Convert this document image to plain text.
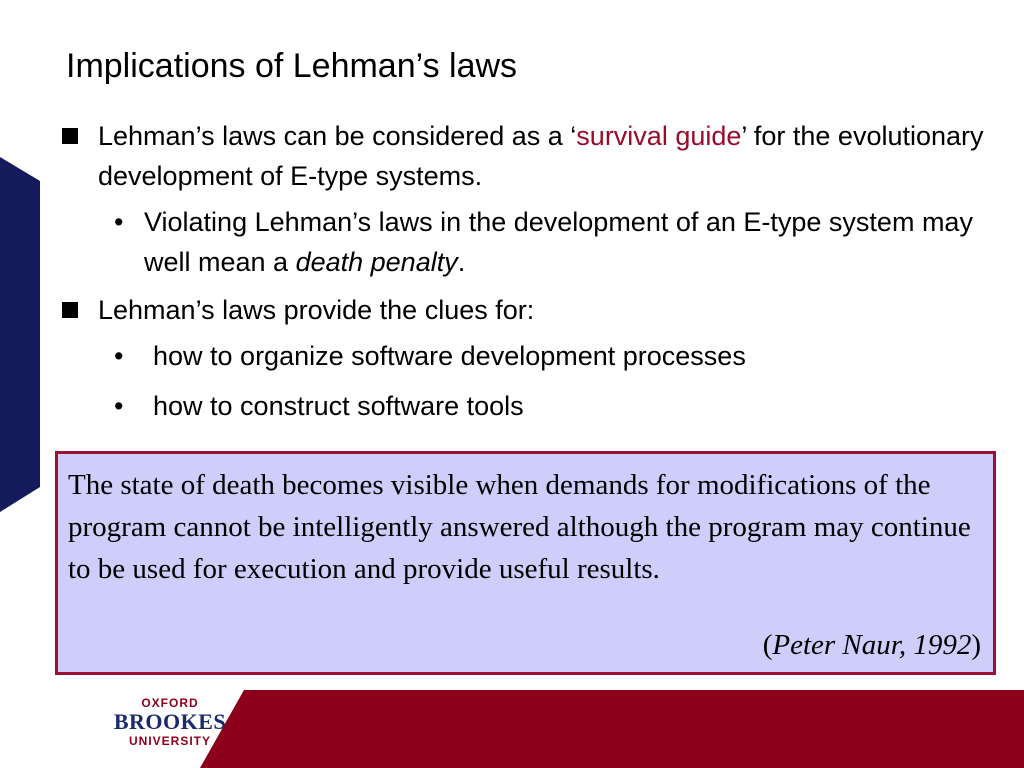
Implications of Lehman’s laws
Lehman’s laws can be considered as a ‘survival guide’ for the evolutionary development of E-type systems.
• Violating Lehman’s laws in the development of an E-type system may well mean a death penalty.
Lehman’s laws provide the clues for:
• how to organize software development processes
• how to construct software tools

The state of death becomes visible when demands for modifications of the program cannot be intelligently answered although the program may continue to be used for execution and provide useful results.

(Peter Naur, 1992)
OXFORD
BROOKES
UNIVERSITY
